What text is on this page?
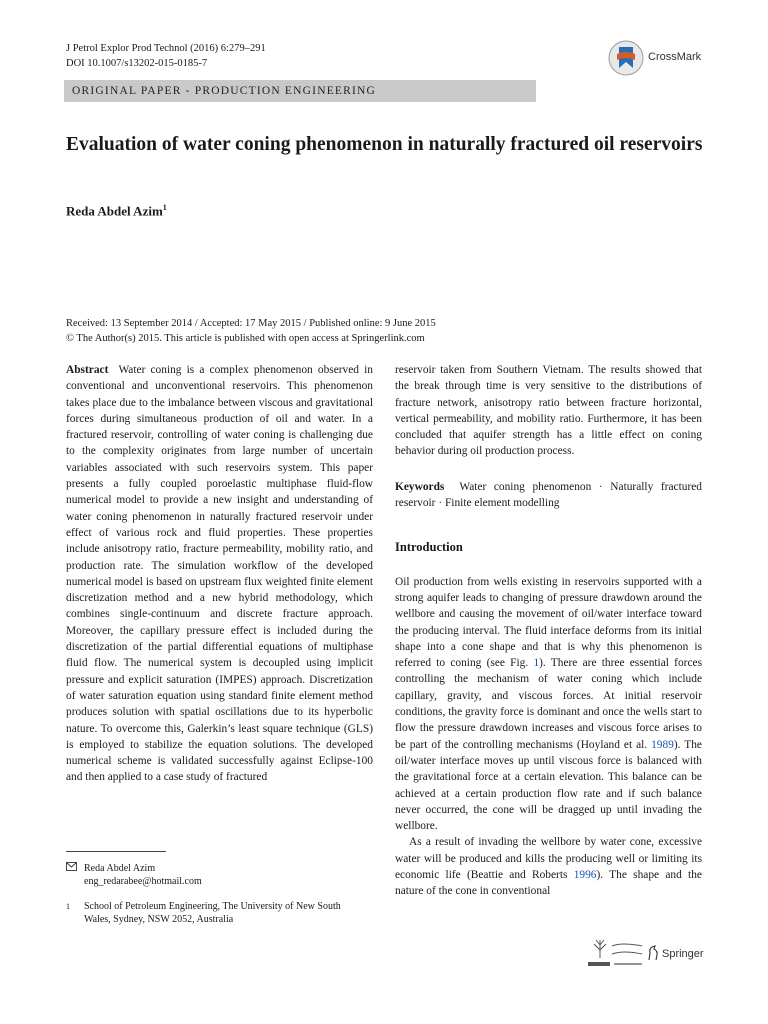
J Petrol Explor Prod Technol (2016) 6:279–291
DOI 10.1007/s13202-015-0185-7
CrossMark
ORIGINAL PAPER - PRODUCTION ENGINEERING
Evaluation of water coning phenomenon in naturally fractured oil reservoirs
Reda Abdel Azim$^1$
Received: 13 September 2014 / Accepted: 17 May 2015 / Published online: 9 June 2015
© The Author(s) 2015. This article is published with open access at Springerlink.com

Abstract Water coning is a complex phenomenon observed in conventional and unconventional reservoirs. This phenomenon takes place due to the imbalance between viscous and gravitational forces during simultaneous production of oil and water. In a fractured reservoir, controlling of water coning is challenging due to the complexity originates from large number of uncertain variables associated with such reservoirs system. This paper presents a fully coupled poroelastic multiphase fluid-flow numerical model to provide a new insight and understanding of water coning phenomenon in naturally fractured reservoir under effect of various rock and fluid properties. These properties include anisotropy ratio, fracture permeability, mobility ratio, and production rate. The simulation workflow of the developed numerical model is based on upstream flux weighted finite element discretization method and a new hybrid methodology, which combines single-continuum and discrete fracture approach. Moreover, the capillary pressure effect is included during the discretization of the partial differential equations of multiphase fluid flow. The numerical system is decoupled using implicit pressure and explicit saturation (IMPES) approach. Discretization of water saturation equation using standard finite element method produces solution with spatial oscillations due to its hyperbolic nature. To overcome this, Galerkin’s least square technique (GLS) is employed to stabilize the equation solutions. The developed numerical scheme is validated successfully against Eclipse-100 and then applied to a case study of fractured

reservoir taken from Southern Vietnam. The results showed that the break through time is very sensitive to the distributions of fracture network, anisotropy ratio between fracture horizontal, vertical permeability, and mobility ratio. Furthermore, it has been concluded that aquifer strength has a little effect on coning behavior during oil production process.

Keywords Water coning phenomenon · Naturally fractured reservoir · Finite element modelling

Introduction

Oil production from wells existing in reservoirs supported with a strong aquifer leads to changing of pressure drawdown around the wellbore and causing the movement of oil/water interface toward the producing interval. The fluid interface deforms from its initial shape into a cone shape and that is why this phenomenon is referred to coning (see Fig. 1). There are three essential forces controlling the mechanism of water coning which include capillary, gravity, and viscous forces. At initial reservoir conditions, the gravity force is dominant and once the wells start to flow the pressure drawdown increases and viscous force arises to be part of the controlling mechanisms (Hoyland et al. 1989). The oil/water interface moves up until viscous force is balanced with the gravitational force at a certain elevation. This balance can be achieved at a certain production flow rate and if such balance never occurred, the cone will be dragged up until invading the wellbore.

As a result of invading the wellbore by water cone, excessive water will be produced and kills the producing well or limiting its economic life (Beattie and Roberts 1996). The shape and the nature of the cone in conventional

Reda Abdel Azim
eng_redarabee@hotmail.com
1 School of Petroleum Engineering, The University of New South Wales, Sydney, NSW 2052, Australia
Springer
